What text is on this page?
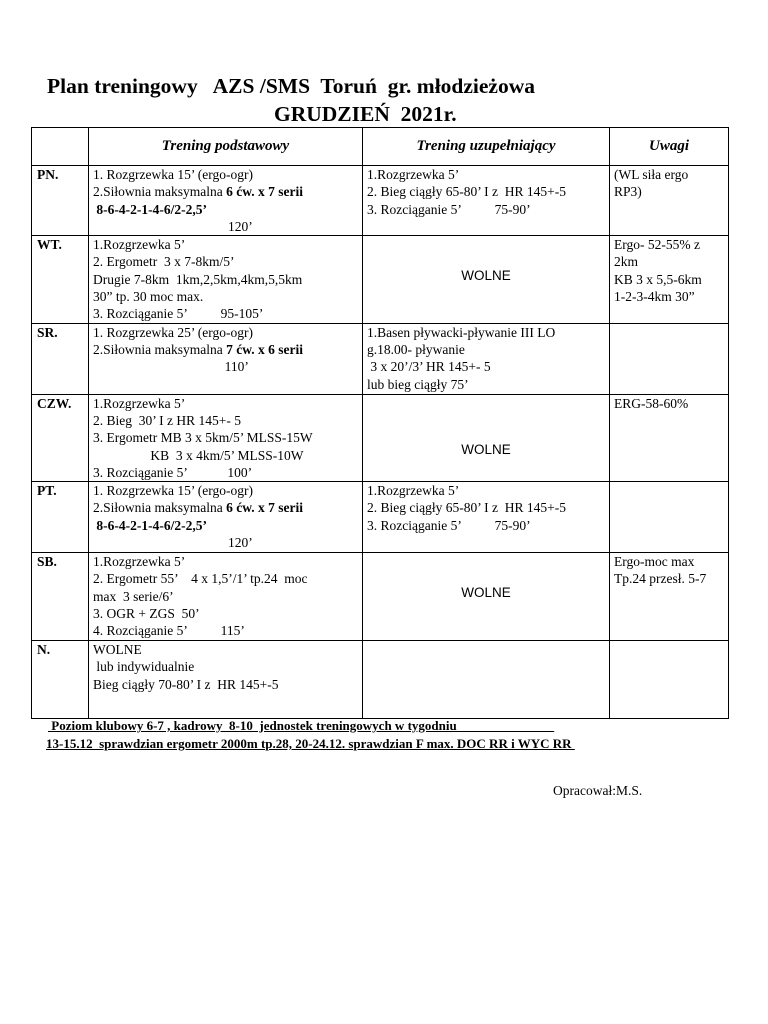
Plan treningowy   AZS /SMS  Toruń  gr. młodzieżowa
GRUDZIEŃ  2021r.
	Trening podstawowy	Trening uzupełniający	Uwagi
PN.	1. Rozgrzewka 15’ (ergo-ogr)
2.Siłownia maksymalna 6 ćw. x 7 serii
8-6-4-2-1-4-6/2-2,5’
120’	1.Rozgrzewka 5’
2. Bieg ciągły 65-80’ I z  HR 145+-5
3. Rozciąganie 5’          75-90’	(WL siła ergo
RP3)

WT.	1.Rozgrzewka 5’
2. Ergometr  3 x 7-8km/5’
Drugie 7-8km  1km,2,5km,4km,5,5km
30” tp. 30 moc max.
3. Rozciąganie 5’          95-105’	WOLNE	Ergo- 52-55% z
2km
KB 3 x 5,5-6km
1-2-3-4km 30”

SR.	1. Rozgrzewka 25’ (ergo-ogr)
2.Siłownia maksymalna 7 ćw. x 6 serii
110’	1.Basen pływacki-pływanie III LO
g.18.00- pływanie
3 x 20’/3’ HR 145+- 5
lub bieg ciągły 75’	

CZW.	1.Rozgrzewka 5’
2. Bieg  30’ I z HR 145+- 5
3. Ergometr MB 3 x 5km/5’ MLSS-15W
KB  3 x 4km/5’ MLSS-10W
3. Rozciąganie 5’            100’	WOLNE	ERG-58-60%

PT.	1. Rozgrzewka 15’ (ergo-ogr)
2.Siłownia maksymalna 6 ćw. x 7 serii
8-6-4-2-1-4-6/2-2,5’
120’	1.Rozgrzewka 5’
2. Bieg ciągły 65-80’ I z  HR 145+-5
3. Rozciąganie 5’          75-90’	

SB.	1.Rozgrzewka 5’
2. Ergometr 55’    4 x 1,5’/1’ tp.24  moc
max  3 serie/6’
3. OGR + ZGS  50’
4. Rozciąganie 5’          115’	WOLNE	Ergo-moc max
Tp.24 przesł. 5-7

N.	WOLNE
lub indywidualnie
Bieg ciągły 70-80’ I z  HR 145+-5		

Poziom klubowy 6-7 , kadrowy  8-10  jednostek treningowych w tygodniu
13-15.12  sprawdzian ergometr 2000m tp.28, 20-24.12. sprawdzian F max. DOC RR i WYC RR
Opracował:M.S.
